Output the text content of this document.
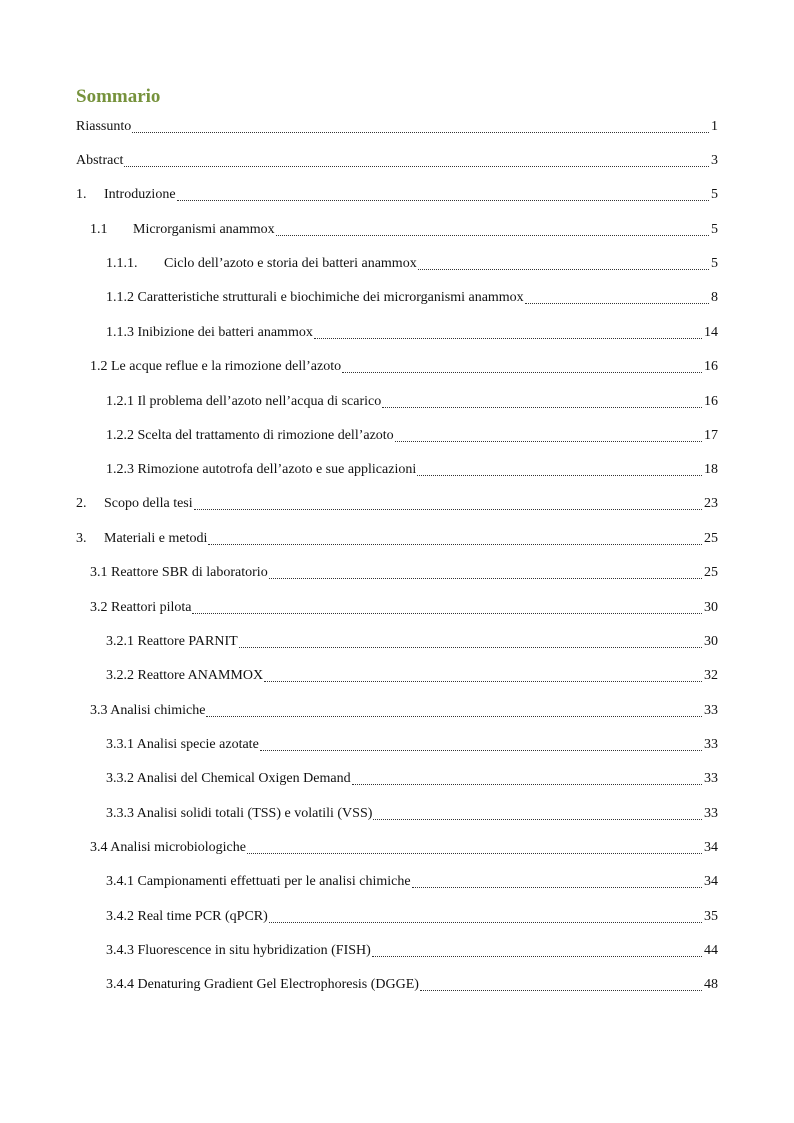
Sommario
Riassunto	1
Abstract	3
1.	Introduzione	5
1.1	Microrganismi anammox	5
1.1.1.	Ciclo dell’azoto e storia dei batteri anammox	5
1.1.2 Caratteristiche strutturali e biochimiche dei microrganismi anammox	8
1.1.3 Inibizione dei batteri anammox	14
1.2 Le acque reflue e la rimozione dell’azoto	16
1.2.1 Il problema dell’azoto nell’acqua di scarico	16
1.2.2 Scelta del trattamento di rimozione dell’azoto	17
1.2.3 Rimozione autotrofa dell’azoto e sue applicazioni	18
2.	Scopo della tesi	23
3.	Materiali e metodi	25
3.1 Reattore SBR di laboratorio	25
3.2 Reattori pilota	30
3.2.1 Reattore PARNIT	30
3.2.2 Reattore ANAMMOX	32
3.3 Analisi chimiche	33
3.3.1 Analisi specie azotate	33
3.3.2 Analisi del Chemical Oxigen Demand	33
3.3.3 Analisi solidi totali (TSS) e volatili (VSS)	33
3.4 Analisi microbiologiche	34
3.4.1 Campionamenti effettuati per le analisi chimiche	34
3.4.2 Real time PCR (qPCR)	35
3.4.3 Fluorescence in situ hybridization (FISH)	44
3.4.4 Denaturing Gradient Gel Electrophoresis (DGGE)	48
